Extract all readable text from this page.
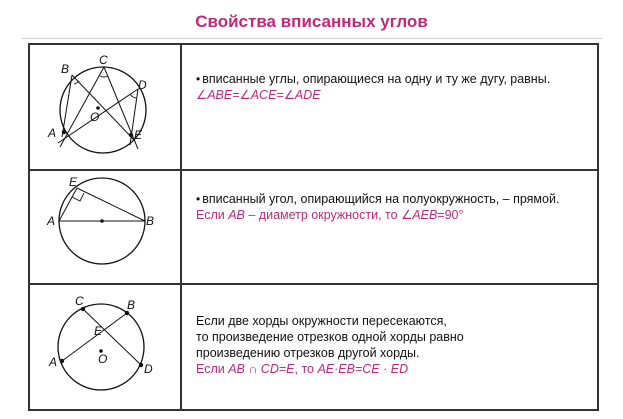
Свойства вписанных углов
B
C
D
O
A	E
E
A	B
C	B
E
O
A	D
• вписанные углы, опирающиеся на одну и ту же дугу, равны.
∠ABE=∠ACE=∠ADE
• вписанный угол, опирающийся на полуокружность, – прямой.
Если AB – диаметр окружности, то ∠AEB=90°
Если две хорды окружности пересекаются,
то произведение отрезков одной хорды равно
произведению отрезков другой хорды.
Если AB ∩ CD=E, то AE·EB=CE · ED
